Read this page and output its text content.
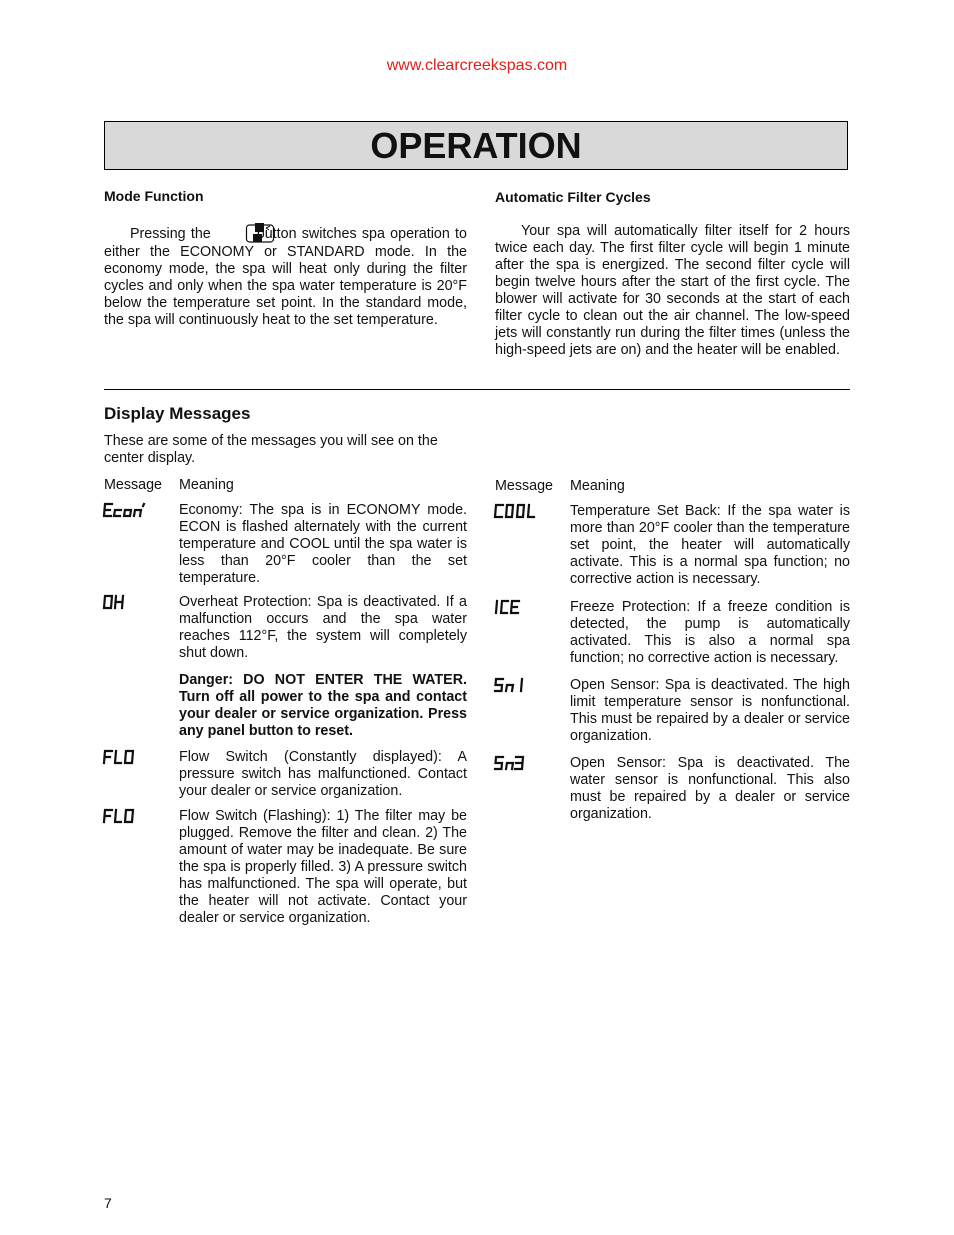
www.clearcreekspas.com
OPERATION
Mode Function

Pressing the	button switches spa operation to either the ECONOMY or STANDARD mode. In the economy mode, the spa will heat only during the filter cycles and only when the spa water temperature is 20°F below the temperature set point. In the standard mode, the spa will continuously heat to the set temperature.

Automatic Filter Cycles

Your spa will automatically filter itself for 2 hours twice each day. The first filter cycle will begin 1 minute after the spa is energized. The second filter cycle will begin twelve hours after the start of the first cycle. The blower will activate for 30 seconds at the start of each filter cycle to clean out the air channel. The low-speed jets will constantly run during the filter times (unless the high-speed jets are on) and the heater will be enabled.

Display Messages
These are some of the messages you will see on the center display.
Message Meaning	Message Meaning
Economy: The spa is in ECONOMY mode. ECON is flashed alternately with the current temperature and COOL until the spa water is less than 20°F cooler than the set temperature.
Overheat Protection: Spa is deactivated. If a malfunction occurs and the spa water reaches 112°F, the system will completely shut down.
Danger: DO NOT ENTER THE WATER. Turn off all power to the spa and contact your dealer or service organization. Press any panel button to reset.
Flow Switch (Constantly displayed): A pressure switch has malfunctioned. Contact your dealer or service organization.
Flow Switch (Flashing): 1) The filter may be plugged. Remove the filter and clean. 2) The amount of water may be inadequate. Be sure the spa is properly filled. 3) A pressure switch has malfunctioned. The spa will operate, but the heater will not activate. Contact your dealer or service organization.
Temperature Set Back: If the spa water is more than 20°F cooler than the temperature set point, the heater will automatically activate. This is a normal spa function; no corrective action is necessary.
Freeze Protection: If a freeze condition is detected, the pump is automatically activated. This is also a normal spa function; no corrective action is necessary.
Open Sensor: Spa is deactivated. The high limit temperature sensor is nonfunctional. This must be repaired by a dealer or service organization.
Open Sensor: Spa is deactivated. The water sensor is nonfunctional. This also must be repaired by a dealer or service organization.
7
